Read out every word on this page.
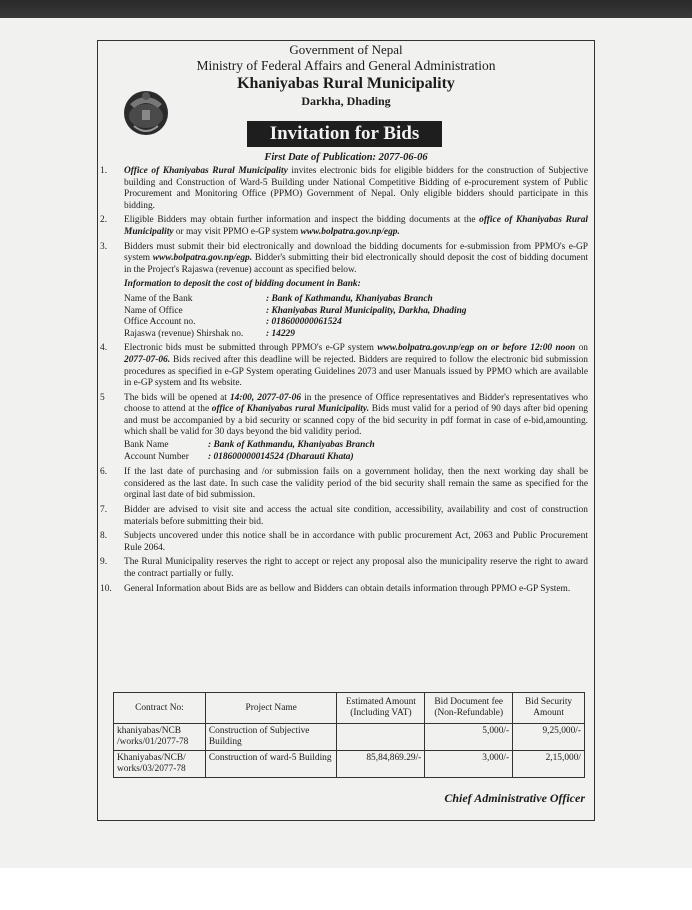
Government of Nepal
Ministry of Federal Affairs and General Administration
Khaniyabas Rural Municipality
Darkha, Dhading
Invitation for Bids
First Date of Publication: 2077-06-06
1.	Office of Khaniyabas Rural Municipality invites electronic bids for eligible bidders for the construction of Subjective building and Construction of Ward-5 Building under National Competitive Bidding of e-procurement system of Public Procurement and Monitoring Office (PPMO) Government of Nepal. Only eligible bidders should participate in this bidding.
2.	Eligible Bidders may obtain further information and inspect the bidding documents at the office of Khaniyabas Rural Municipality or may visit PPMO e-GP system www.bolpatra.gov.np/egp.
3.	Bidders must submit their bid electronically and download the bidding documents for e-submission from PPMO's e-GP system www.bolpatra.gov.np/egp. Bidder's submitting their bid electronically should deposit the cost of bidding document in the Project's Rajaswa (revenue) account as specified below.
Information to deposit the cost of bidding document in Bank:
Name of the Bank	: Bank of Kathmandu, Khaniyabas Branch
Name of Office	: Khaniyabas Rural Municipality, Darkha, Dhading
Office Account no.	: 018600000061524
Rajaswa (revenue) Shirshak no.	: 14229
4.	Electronic bids must be submitted through PPMO's e-GP system www.bolpatra.gov.np/egp on or before 12:00 noon on 2077-07-06. Bids recived after this deadline will be rejected. Bidders are required to follow the electronic bid submission procedures as specified in e-GP System operating Guidelines 2073 and user Manuals issued by PPMO which are available in e-GP system and Its website.
5	The bids will be opened at 14:00, 2077-07-06 in the presence of Office representatives and Bidder's representatives who choose to attend at the office of Khaniyabas rural Municipality. Bids must valid for a period of 90 days after bid opening and must be accompanied by a bid security or scanned copy of the bid security in pdf format in case of e-bid,amounting. which shall be valid for 30 days beyond the bid validity period.
Bank Name	: Bank of Kathmandu, Khaniyabas Branch
Account Number	: 018600000014524 (Dharauti Khata)
6.	If the last date of purchasing and /or submission fails on a government holiday, then the next working day shall be considered as the last date. In such case the validity period of the bid security shall remain the same as specified for the orginal last date of bid submission.
7.	Bidder are advised to visit site and access the actual site condition, accessibility, availability and cost of construction materials before submitting their bid.
8.	Subjects uncovered under this notice shall be in accordance with public procurement Act, 2063 and Public Procurement Rule 2064.
9.	The Rural Municipality reserves the right to accept or reject any proposal also the municipality reserve the right to award the contract partially or fully.
10.	General Information about Bids are as bellow and Bidders can obtain details information through PPMO e-GP System.
Contract No:	Project Name	Estimated Amount (Including VAT)	Bid Document fee (Non-Refundable)	Bid Security Amount
khaniyabas/NCB /works/01/2077-78	Construction of Subjective Building		5,000/-	9,25,000/-
Khaniyabas/NCB/ works/03/2077-78	Construction of ward-5 Building	85,84,869.29/-	3,000/-	2,15,000/
Chief Administrative Officer
